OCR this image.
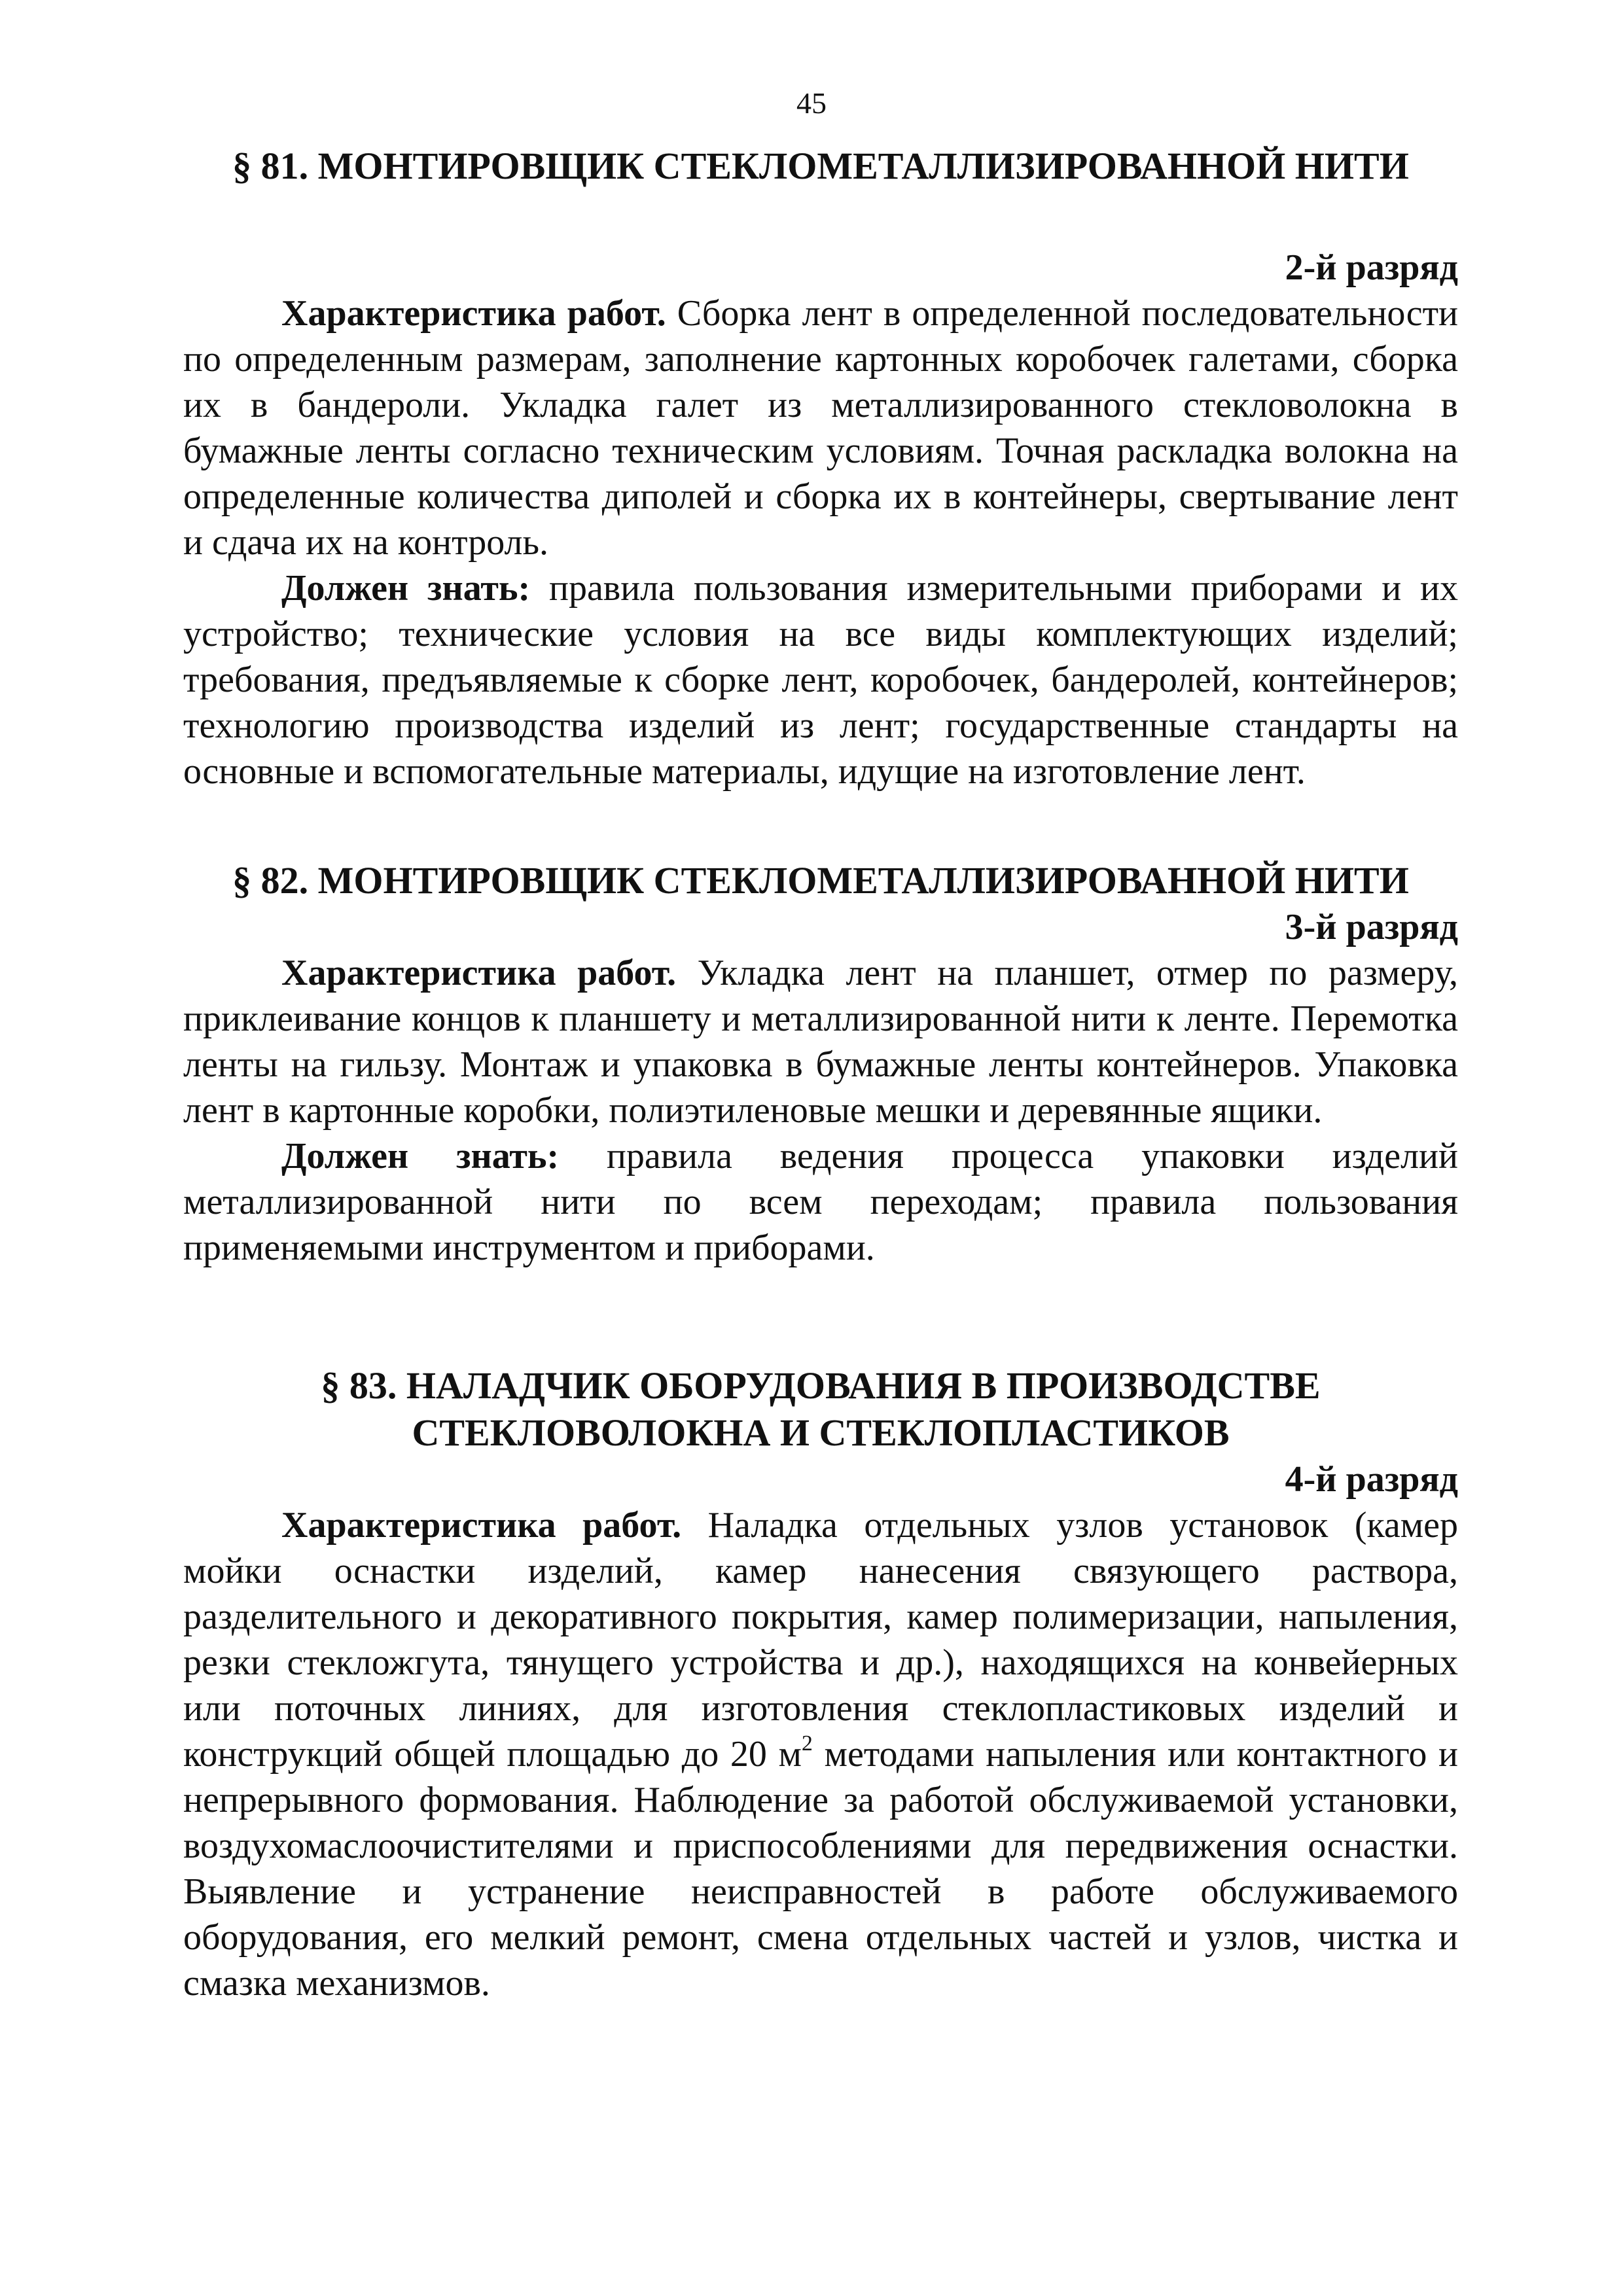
45
§ 81. МОНТИРОВЩИК СТЕКЛОМЕТАЛЛИЗИРОВАННОЙ НИТИ

2-й разряд

Характеристика работ. Сборка лент в определенной последовательности по определенным размерам, заполнение картонных коробочек галетами, сборка их в бандероли. Укладка галет из металлизированного стекловолокна в бумажные ленты согласно техническим условиям. Точная раскладка волокна на определенные количества диполей и сборка их в контейнеры, свертывание лент и сдача их на контроль.

Должен знать: правила пользования измерительными приборами и их устройство; технические условия на все виды комплектующих изделий; требования, предъявляемые к сборке лент, коробочек, бандеролей, контейнеров; технологию производства изделий из лент; государственные стандарты на основные и вспомогательные материалы, идущие на изготовление лент.

§ 82. МОНТИРОВЩИК СТЕКЛОМЕТАЛЛИЗИРОВАННОЙ НИТИ

3-й разряд

Характеристика работ. Укладка лент на планшет, отмер по размеру, приклеивание концов к планшету и металлизированной нити к ленте. Перемотка ленты на гильзу. Монтаж и упаковка в бумажные ленты контейнеров. Упаковка лент в картонные коробки, полиэтиленовые мешки и деревянные ящики.

Должен знать: правила ведения процесса упаковки изделий металлизированной нити по всем переходам; правила пользования применяемыми инструментом и приборами.

§ 83. НАЛАДЧИК ОБОРУДОВАНИЯ В ПРОИЗВОДСТВЕ
СТЕКЛОВОЛОКНА И СТЕКЛОПЛАСТИКОВ

4-й разряд

Характеристика работ. Наладка отдельных узлов установок (камер мойки оснастки изделий, камер нанесения связующего раствора, разделительного и декоративного покрытия, камер полимеризации, напыления, резки стекложгута, тянущего устройства и др.), находящихся на конвейерных или поточных линиях, для изготовления стеклопластиковых изделий и конструкций общей площадью до 20 $м^2$ методами напыления или контактного и непрерывного формования. Наблюдение за работой обслуживаемой установки, воздухомаслоочистителями и приспособлениями для передвижения оснастки. Выявление и устранение неисправностей в работе обслуживаемого оборудования, его мелкий ремонт, смена отдельных частей и узлов, чистка и смазка механизмов.
